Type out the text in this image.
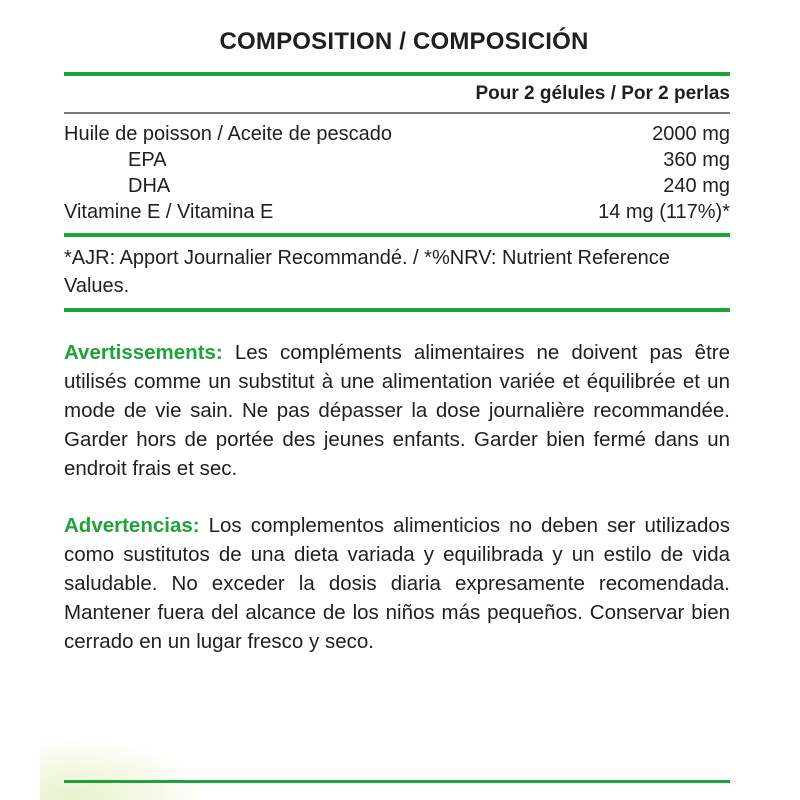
COMPOSITION / COMPOSICIÓN
Pour 2 gélules / Por 2 perlas
Huile de poisson / Aceite de pescado	2000 mg
EPA	360 mg
DHA	240 mg
Vitamine E / Vitamina E	14 mg (117%)*
*AJR: Apport Journalier Recommandé. / *%NRV: Nutrient Reference Values.

Avertissements: Les compléments alimentaires ne doivent pas être utilisés comme un substitut à une alimentation variée et équilibrée et un mode de vie sain. Ne pas dépasser la dose journalière recommandée. Garder hors de portée des jeunes enfants. Garder bien fermé dans un endroit frais et sec.

Advertencias: Los complementos alimenticios no deben ser utilizados como sustitutos de una dieta variada y equilibrada y un estilo de vida saludable. No exceder la dosis diaria expresamente recomendada. Mantener fuera del alcance de los niños más pequeños. Conservar bien cerrado en un lugar fresco y seco.
